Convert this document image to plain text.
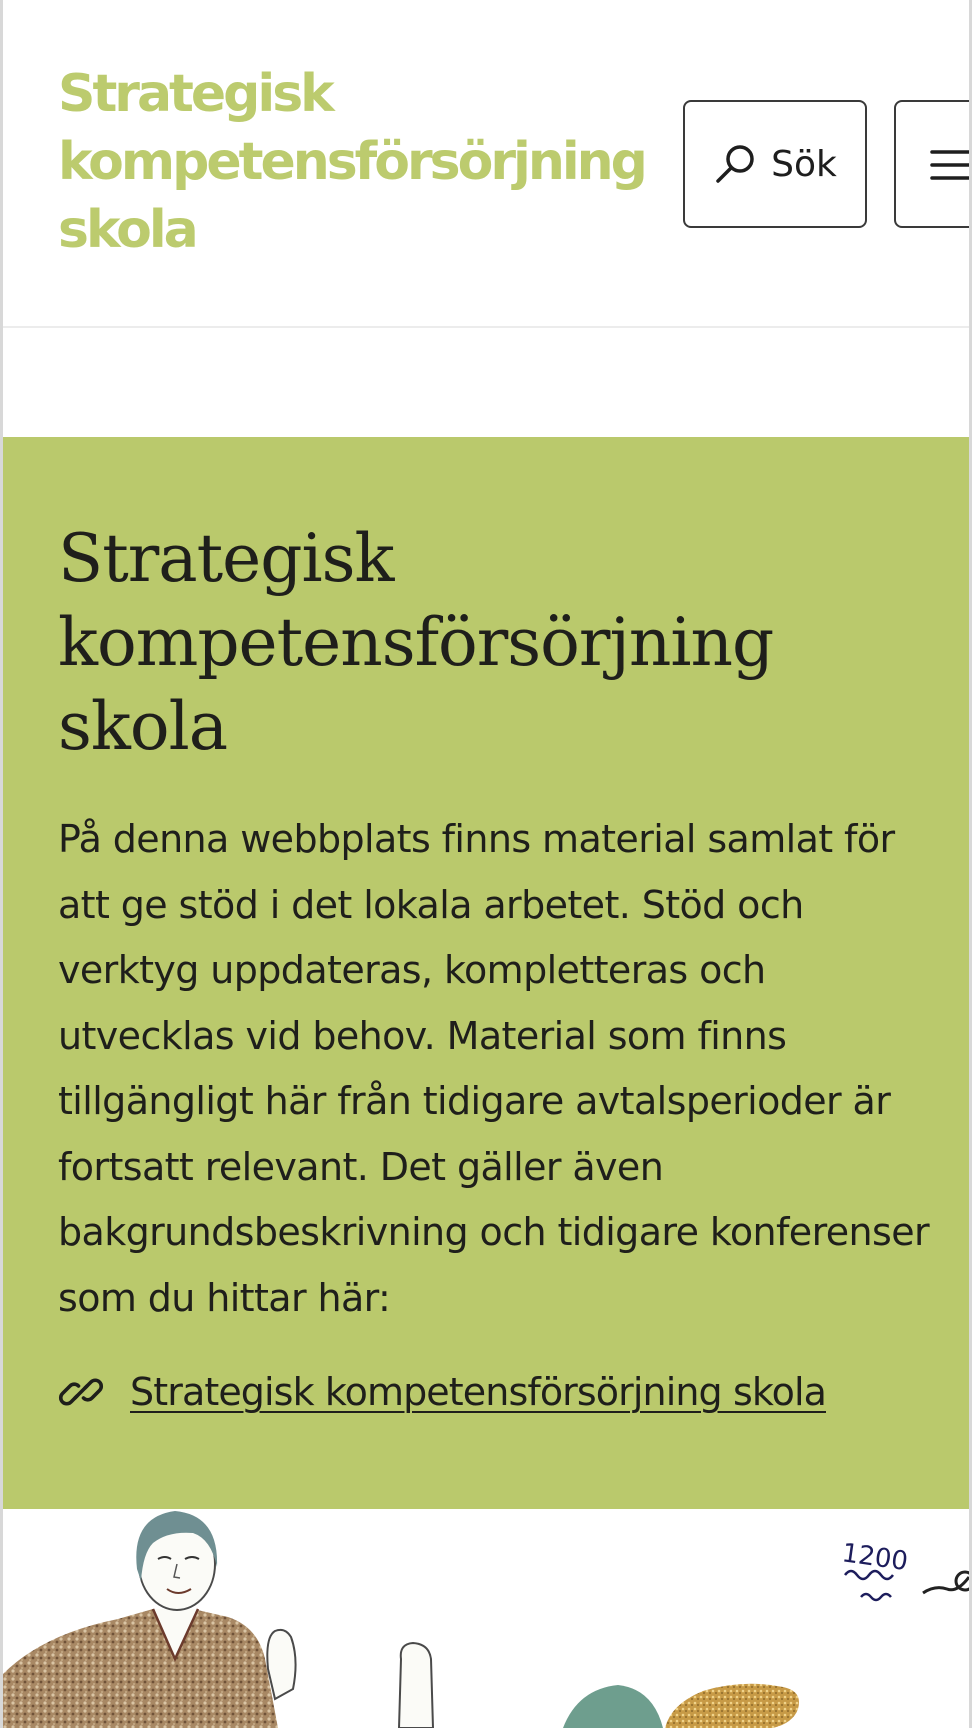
Strategisk kompetensförsörjning skola
Sök
Strategisk kompetensförsörjning skola

På denna webbplats finns material samlat för att ge stöd i det lokala arbetet. Stöd och verktyg uppdateras, kompletteras och utvecklas vid behov. Material som finns tillgängligt här från tidigare avtalsperioder är fortsatt relevant. Det gäller även bakgrundsbeskrivning och tidigare konferenser som du hittar här:

Strategisk kompetensförsörjning skola
1200
